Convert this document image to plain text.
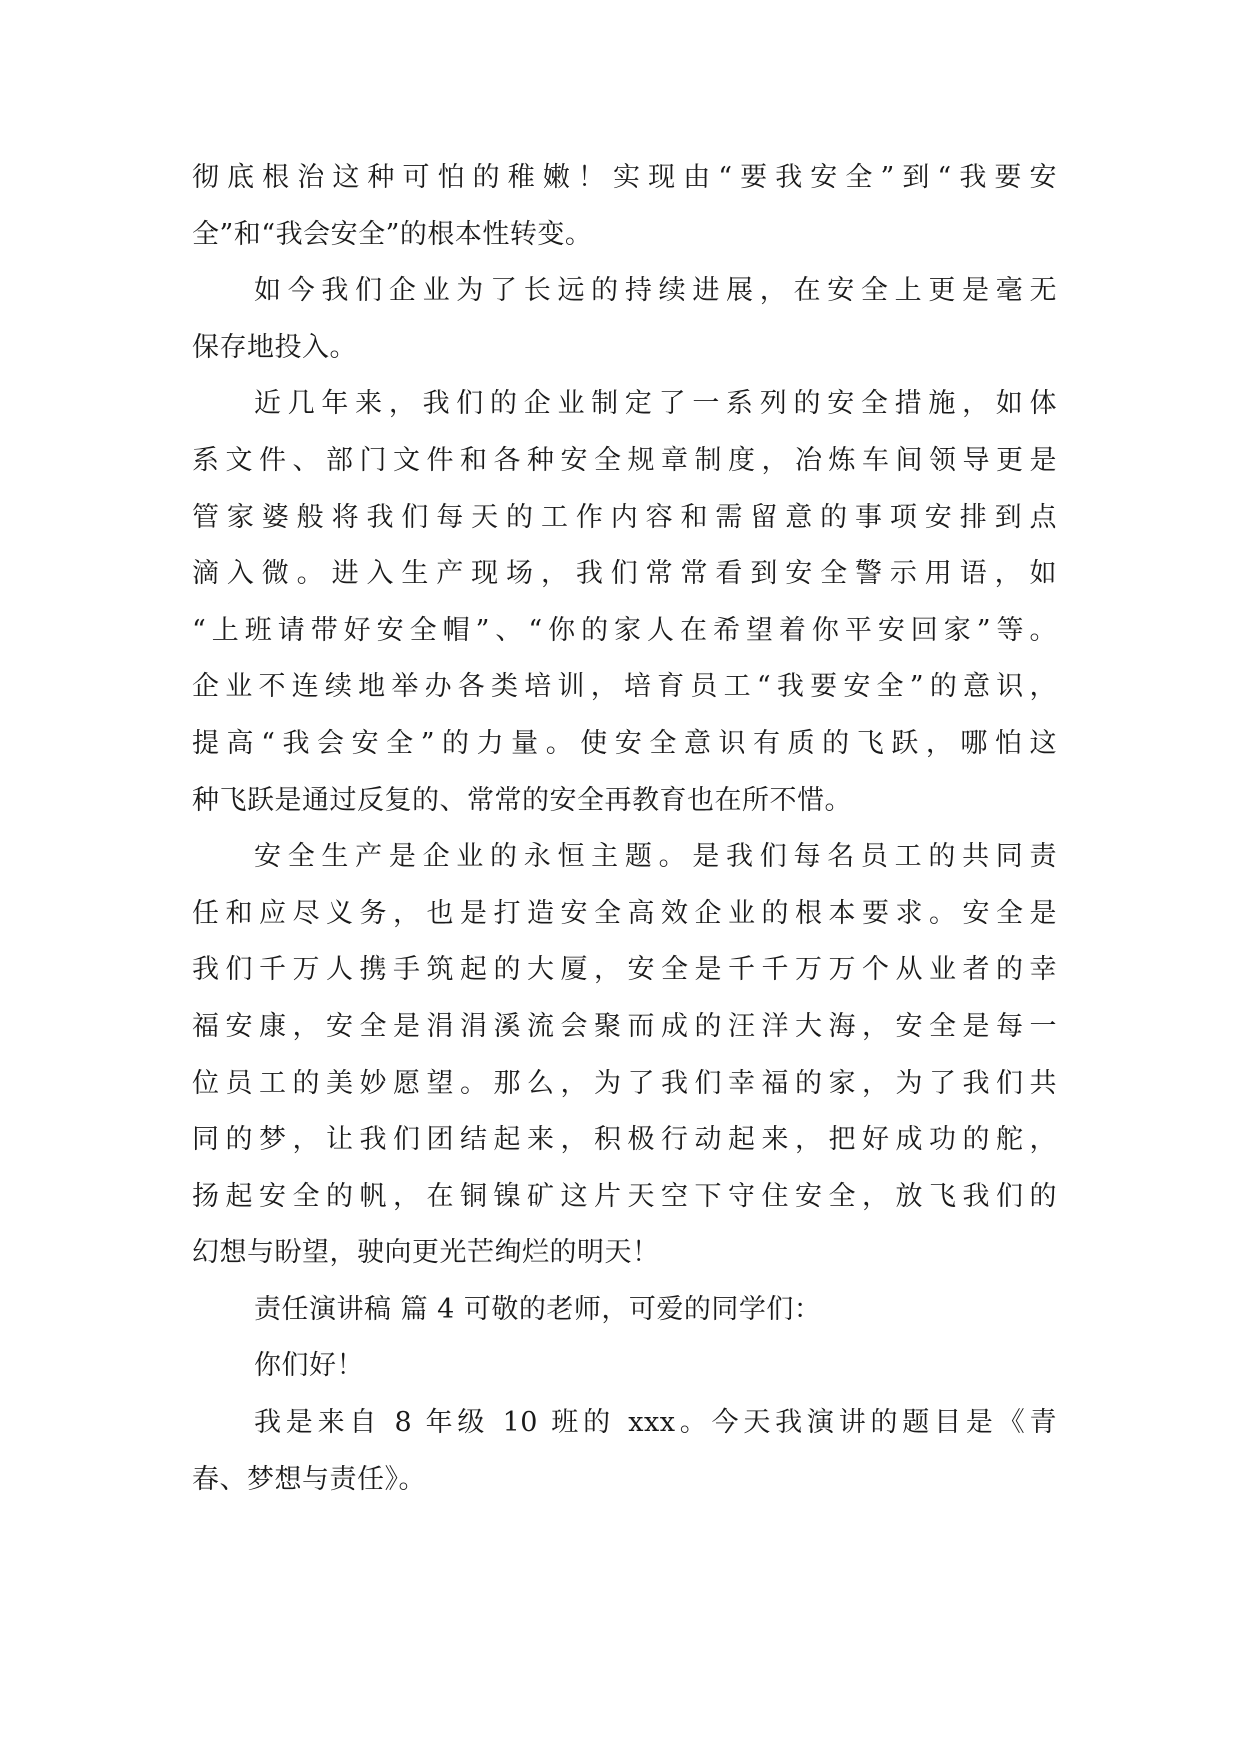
彻底根治这种可怕的稚嫩！实现由“要我安全”到“我要安
全”和“我会安全”的根本性转变。
如今我们企业为了长远的持续进展，在安全上更是毫无
保存地投入。
近几年来，我们的企业制定了一系列的安全措施，如体
系文件、部门文件和各种安全规章制度，冶炼车间领导更是
管家婆般将我们每天的工作内容和需留意的事项安排到点
滴入微。进入生产现场，我们常常看到安全警示用语，如
“上班请带好安全帽”、“你的家人在希望着你平安回家”等。
企业不连续地举办各类培训，培育员工“我要安全”的意识，
提高“我会安全”的力量。使安全意识有质的飞跃，哪怕这
种飞跃是通过反复的、常常的安全再教育也在所不惜。
安全生产是企业的永恒主题。是我们每名员工的共同责
任和应尽义务，也是打造安全高效企业的根本要求。安全是
我们千万人携手筑起的大厦，安全是千千万万个从业者的幸
福安康，安全是涓涓溪流会聚而成的汪洋大海，安全是每一
位员工的美妙愿望。那么，为了我们幸福的家，为了我们共
同的梦，让我们团结起来，积极行动起来，把好成功的舵，
扬起安全的帆，在铜镍矿这片天空下守住安全，放飞我们的
幻想与盼望，驶向更光芒绚烂的明天！
责任演讲稿 篇 4 可敬的老师，可爱的同学们：
你们好！
我是来自 8 年级 10 班的 xxx。今天我演讲的题目是《青
春、梦想与责任》。
